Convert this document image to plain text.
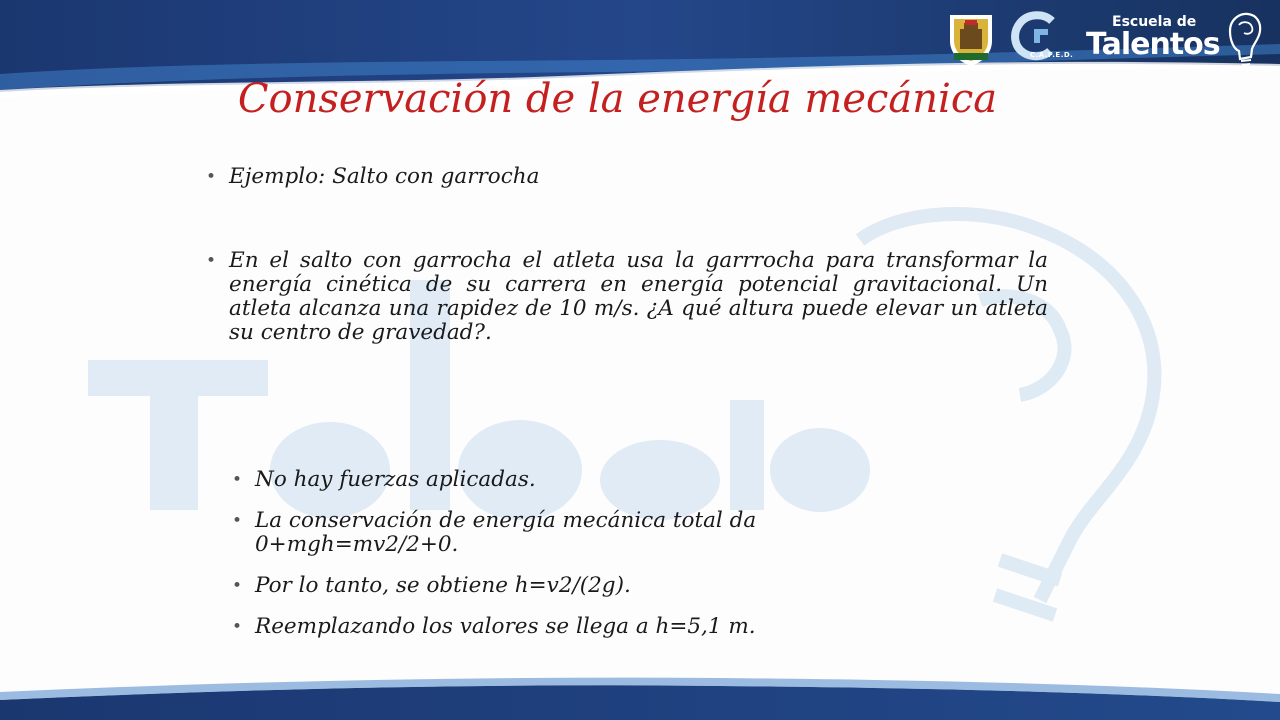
C.A.F.E.D.
Escuela de
Talentos
Conservación de la energía mecánica
• Ejemplo: Salto con garrocha
• En el salto con garrocha el atleta usa la garrrocha para transformar la energía cinética de su carrera en energía potencial gravitacional. Un atleta alcanza una rapidez de 10 m/s. ¿A qué altura puede elevar un atleta su centro de gravedad?.
• No hay fuerzas aplicadas.
• La conservación de energía mecánica total da 0+mgh=mv2/2+0.
• Por lo tanto, se obtiene h=v2/(2g).
• Reemplazando los valores se llega a h=5,1 m.
